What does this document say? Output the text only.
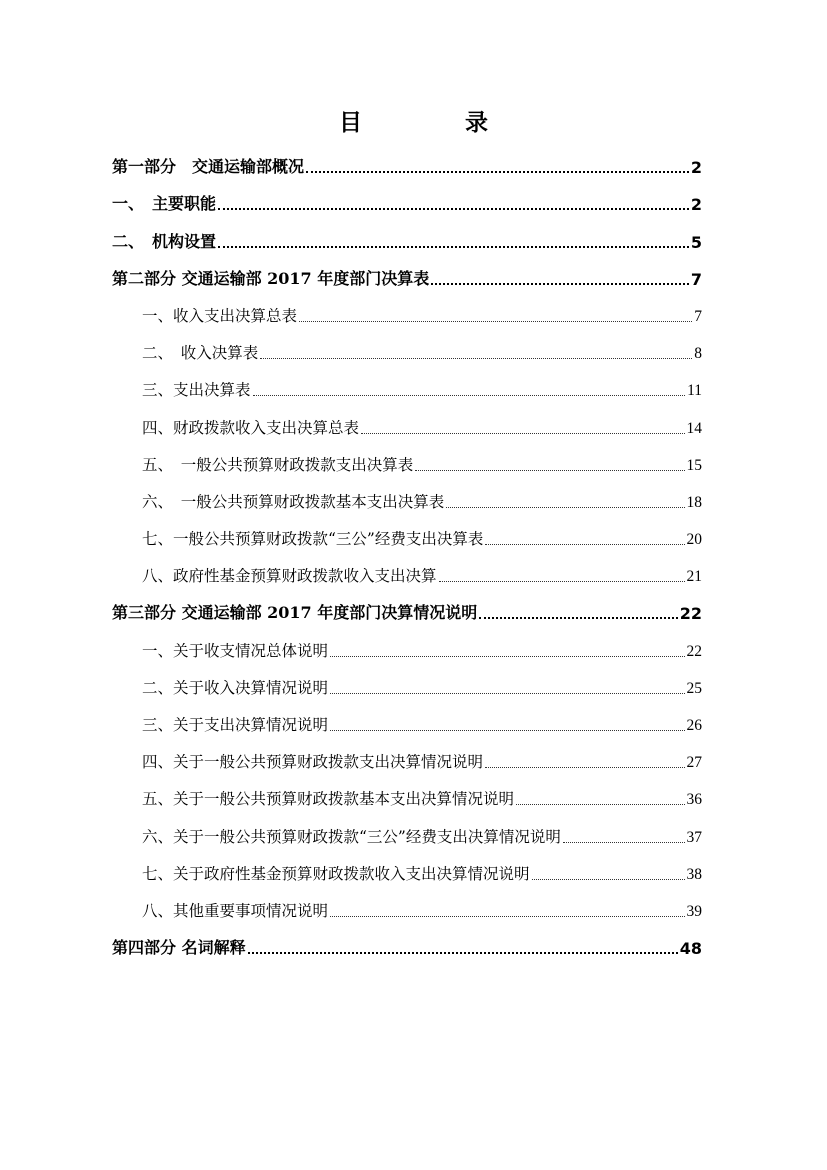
目　录
第一部分　交通运输部概况	2
一、　主要职能	2
二、　机构设置	5
第二部分 交通运输部 2017 年度部门决算表	7
一、收入支出决算总表	7
二、　收入决算表	8
三、支出决算表	11
四、财政拨款收入支出决算总表	14
五、　一般公共预算财政拨款支出决算表	15
六、　一般公共预算财政拨款基本支出决算表	18
七、一般公共预算财政拨款“三公”经费支出决算表	20
八、政府性基金预算财政拨款收入支出决算	21
第三部分 交通运输部 2017 年度部门决算情况说明	22
一、关于收支情况总体说明	22
二、关于收入决算情况说明	25
三、关于支出决算情况说明	26
四、关于一般公共预算财政拨款支出决算情况说明	27
五、关于一般公共预算财政拨款基本支出决算情况说明	36
六、关于一般公共预算财政拨款“三公”经费支出决算情况说明	37
七、关于政府性基金预算财政拨款收入支出决算情况说明	38
八、其他重要事项情况说明	39
第四部分 名词解释	48
